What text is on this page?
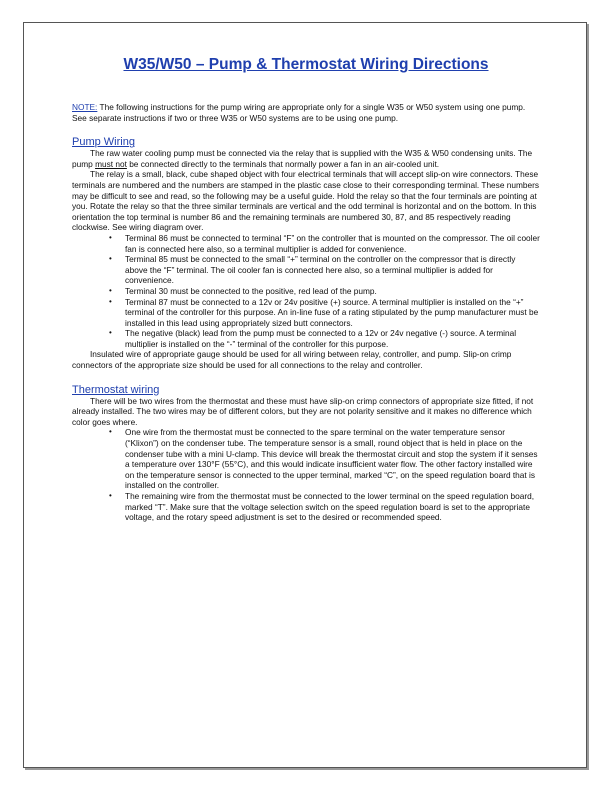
W35/W50 – Pump & Thermostat Wiring Directions

NOTE: The following instructions for the pump wiring are appropriate only for a single W35 or W50 system using one pump. See separate instructions if two or three W35 or W50 systems are to be using one pump.

Pump Wiring

The raw water cooling pump must be connected via the relay that is supplied with the W35 & W50 condensing units. The pump must not be connected directly to the terminals that normally power a fan in an air-cooled unit.

The relay is a small, black, cube shaped object with four electrical terminals that will accept slip-on wire connectors. These terminals are numbered and the numbers are stamped in the plastic case close to their corresponding terminal. These numbers may be difficult to see and read, so the following may be a useful guide. Hold the relay so that the four terminals are pointing at you. Rotate the relay so that the three similar terminals are vertical and the odd terminal is horizontal and on the bottom. In this orientation the top terminal is number 86 and the remaining terminals are numbered 30, 87, and 85 respectively reading clockwise. See wiring diagram over.

• Terminal 86 must be connected to terminal “F” on the controller that is mounted on the compressor. The oil cooler fan is connected here also, so a terminal multiplier is added for convenience.
• Terminal 85 must be connected to the small “+” terminal on the controller on the compressor that is directly above the “F” terminal. The oil cooler fan is connected here also, so a terminal multiplier is added for convenience.
• Terminal 30 must be connected to the positive, red lead of the pump.
• Terminal 87 must be connected to a 12v or 24v positive (+) source. A terminal multiplier is installed on the “+” terminal of the controller for this purpose. An in-line fuse of a rating stipulated by the pump manufacturer must be installed in this lead using appropriately sized butt connectors.
• The negative (black) lead from the pump must be connected to a 12v or 24v negative (-) source. A terminal multiplier is installed on the “-” terminal of the controller for this purpose.

Insulated wire of appropriate gauge should be used for all wiring between relay, controller, and pump. Slip-on crimp connectors of the appropriate size should be used for all connections to the relay and controller.

Thermostat wiring

There will be two wires from the thermostat and these must have slip-on crimp connectors of appropriate size fitted, if not already installed. The two wires may be of different colors, but they are not polarity sensitive and it makes no difference which color goes where.

• One wire from the thermostat must be connected to the spare terminal on the water temperature sensor (“Klixon”) on the condenser tube. The temperature sensor is a small, round object that is held in place on the condenser tube with a mini U-clamp. This device will break the thermostat circuit and stop the system if it senses a temperature over 130°F (55°C), and this would indicate insufficient water flow. The other factory installed wire on the temperature sensor is connected to the upper terminal, marked “C”, on the speed regulation board that is installed on the controller.
• The remaining wire from the thermostat must be connected to the lower terminal on the speed regulation board, marked “T”. Make sure that the voltage selection switch on the speed regulation board is set to the appropriate voltage, and the rotary speed adjustment is set to the desired or recommended speed.
